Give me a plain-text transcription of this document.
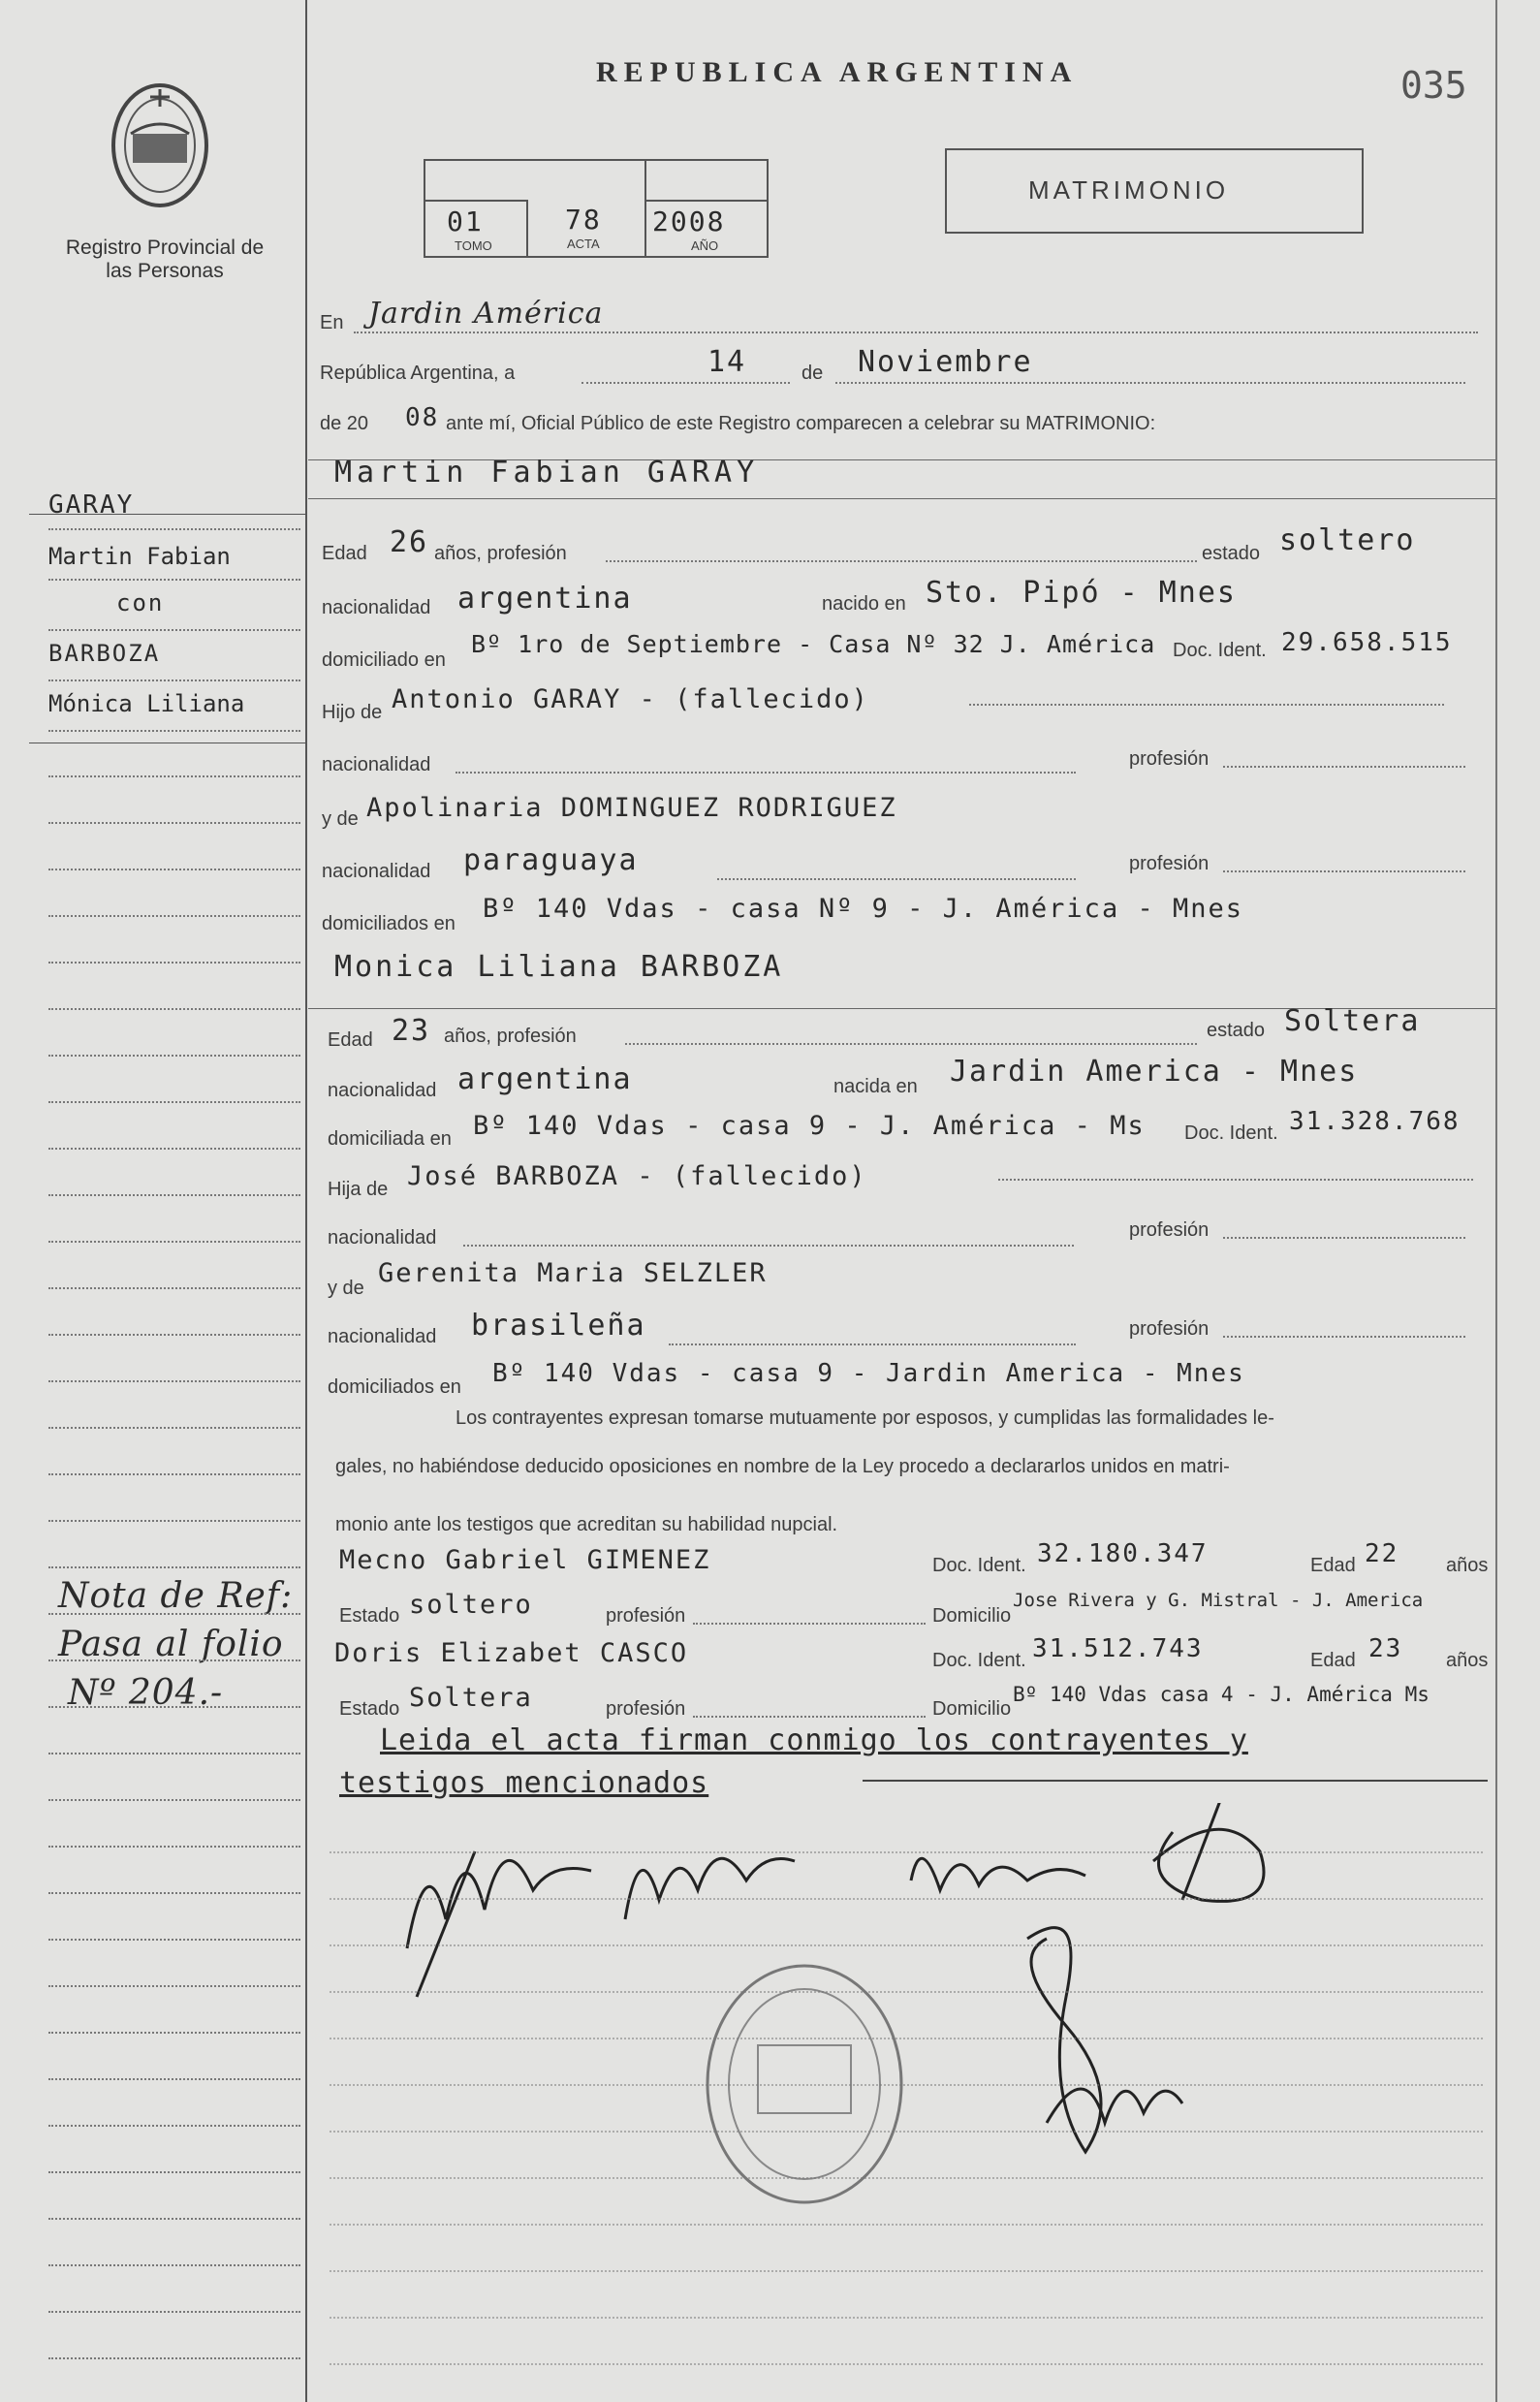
Registro Provincial de las Personas
REPUBLICA ARGENTINA	035
01
TOMO
78
ACTA
2008
AÑO
MATRIMONIO
En Jardin América
República Argentina, a	14	de Noviembre
de 20 08 ante mí, Oficial Público de este Registro comparecen a celebrar su MATRIMONIO:
Martin Fabian GARAY
Edad 26 años, profesión	estado soltero
nacionalidad argentina	nacido en Sto. Pipó - Mnes
domiciliado en
Bº 1ro de Septiembre - Casa Nº 32 J. América Doc. Ident. 29.658.515
Hijo de Antonio GARAY - (fallecido)
nacionalidad	profesión
y de Apolinaria DOMINGUEZ RODRIGUEZ
nacionalidad paraguaya	profesión
domiciliados en Bº 140 Vdas - casa Nº 9 - J. América - Mnes
Monica Liliana BARBOZA
Edad 23 años, profesión	estado Soltera
nacionalidad argentina	nacida en Jardin America - Mnes
domiciliada en Bº 140 Vdas - casa 9 - J. América - Ms Doc. Ident. 31.328.768
Hija de José BARBOZA - (fallecido)
nacionalidad	profesión
y de Gerenita Maria SELZLER
nacionalidad brasileña	profesión
domiciliados en Bº 140 Vdas - casa 9 - Jardin America - Mnes
Los contrayentes expresan tomarse mutuamente por esposos, y cumplidas las formalidades le-
gales, no habiéndose deducido oposiciones en nombre de la Ley procedo a declararlos unidos en matri-
monio ante los testigos que acreditan su habilidad nupcial.
Mecno Gabriel GIMENEZ	Doc. Ident. 32.180.347	Edad 22 años
Estado soltero	profesión	Domicilio
Jose Rivera y G. Mistral - J. America
Doris Elizabet CASCO	Doc. Ident. 31.512.743	Edad 23 años
Estado Soltera	profesión	Domicilio
Bº 140 Vdas casa 4 - J. América Ms
Leida el acta firman conmigo los contrayentes y
testigos mencionados
GARAY
Martin Fabian
con
BARBOZA
Mónica Liliana
Nota de Ref:
Pasa al folio
Nº 204.-
